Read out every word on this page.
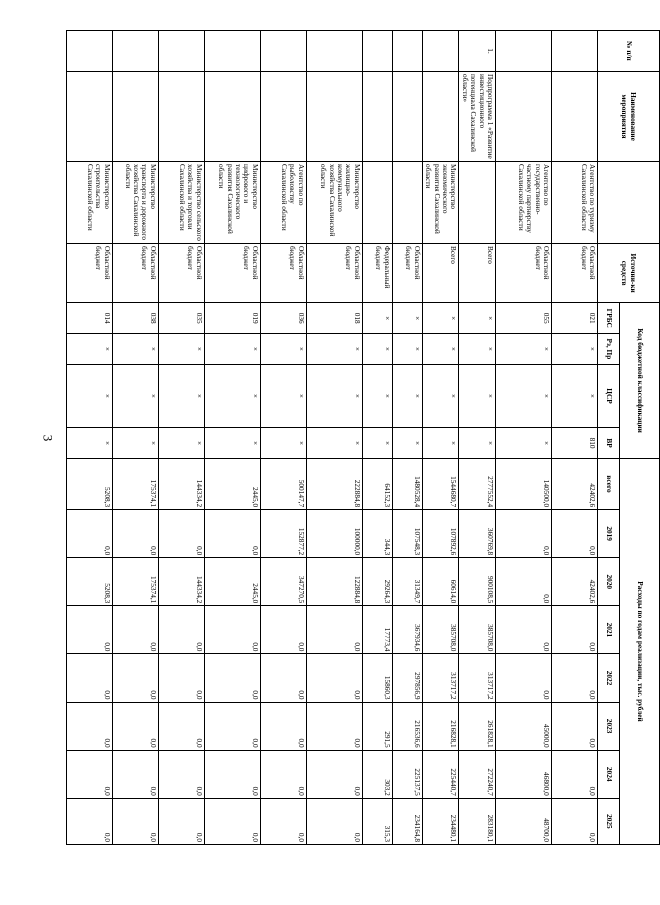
3
№ п/п	Наименование мероприятия		Источни-ки средств	Код бюджетной классификации				Расходы по годам реализации, тыс. рублей							
				ГРБС	Рз, Пр	ЦСР	ВР	всего	2019	2020	2021	2022	2023	2024	2025
		Агентство по туризму Сахалинской области	Областной бюджет	021	×	×	810	42402,6	0,0	42402,6	0,0	0,0	0,0	0,0	0,0
		Агентство по государственно-частному партнерству Сахалинской области	Областной бюджет	055	×	×	×	140500,0	0,0	0,0	0,0	0,0	45000,0	46800,0	48700,0
1.	Подпрограмма 1 «Развитие инвестиционного потенциала Сахалинской области»		Всего	×	×	×	×	2777552,4	360769,8	900108,5	385708,0	313717,2	261828,1	272240,7	283180,1
		Министерство экономического развития Сахалинской области	Всего	×	×	×	×	1544680,7	107892,6	60614,0	385708,0	313717,2	216828,1	225440,7	234480,1
			Областной бюджет	×	×	×	×	1480528,4	107548,3	31349,7	367934,6	297856,9	216536,6	225137,5	234164,8
			Федеральный бюджет	×	×	×	×	64152,3	344,3	29264,3	17773,4	15860,3	291,5	303,2	315,3
		Министерство жилищно-коммунального хозяйства Сахалинской области	Областной бюджет	018	×	×	×	222884,8	100000,0	122884,8	0,0	0,0	0,0	0,0	0,0
		Агентство по рыболовству Сахалинской области	Областной бюджет	036	×	×	×	500147,7	152877,2	347270,5	0,0	0,0	0,0	0,0	0,0
		Министерство цифрового и технологического развития Сахалинской области	Областной бюджет	019	×	×	×	2445,0	0,0	2445,0	0,0	0,0	0,0	0,0	0,0
		Министерство сельского хозяйства и торговли Сахалинской области	Областной бюджет	035	×	×	×	144334,2	0,0	144334,2	0,0	0,0	0,0	0,0	0,0
		Министерство транспорта и дорожного хозяйства Сахалинской области	Областной бюджет	038	×	×	×	175374,1	0,0	175374,1	0,0	0,0	0,0	0,0	0,0
		Министерство строительства Сахалинской области	Областной бюджет	014	×	×	×	5208,3	0,0	5208,3	0,0	0,0	0,0	0,0	0,0
